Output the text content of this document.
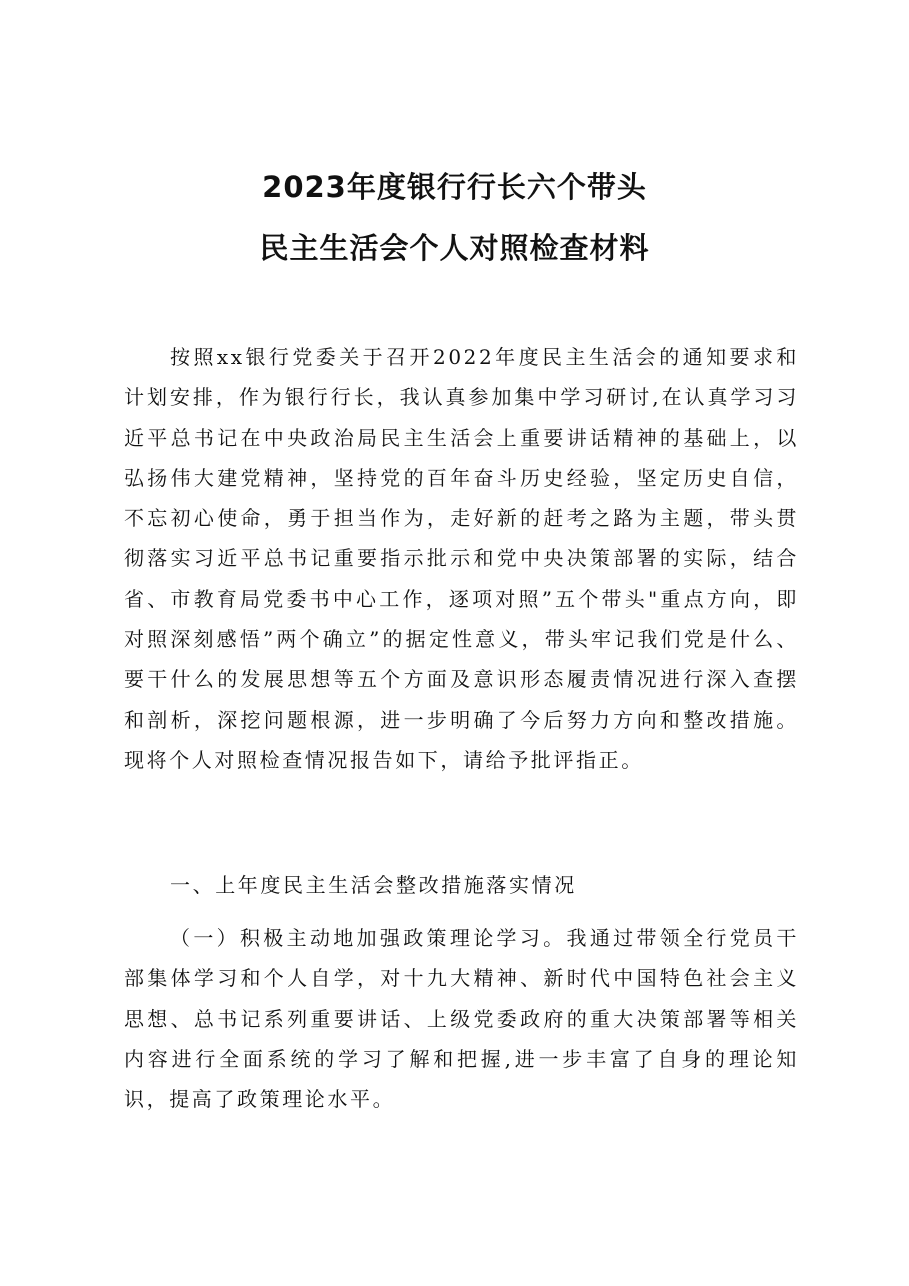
2023年度银行行长六个带头
民主生活会个人对照检查材料

按照xx银行党委关于召开2022年度民主生活会的通知要求和计划安排，作为银行行长，我认真参加集中学习研讨,在认真学习习近平总书记在中央政治局民主生活会上重要讲话精神的基础上，以弘扬伟大建党精神，坚持党的百年奋斗历史经验，坚定历史自信，不忘初心使命，勇于担当作为，走好新的赶考之路为主题，带头贯彻落实习近平总书记重要指示批示和党中央决策部署的实际，结合省、市教育局党委书中心工作，逐项对照”五个带头"重点方向，即对照深刻感悟”两个确立”的据定性意义，带头牢记我们党是什么、要干什么的发展思想等五个方面及意识形态履责情况进行深入查摆和剖析，深挖问题根源，进一步明确了今后努力方向和整改措施。现将个人对照检查情况报告如下，请给予批评指正。

一、上年度民主生活会整改措施落实情况

（一）积极主动地加强政策理论学习。我通过带领全行党员干部集体学习和个人自学，对十九大精神、新时代中国特色社会主义思想、总书记系列重要讲话、上级党委政府的重大决策部署等相关内容进行全面系统的学习了解和把握,进一步丰富了自身的理论知识，提高了政策理论水平。
